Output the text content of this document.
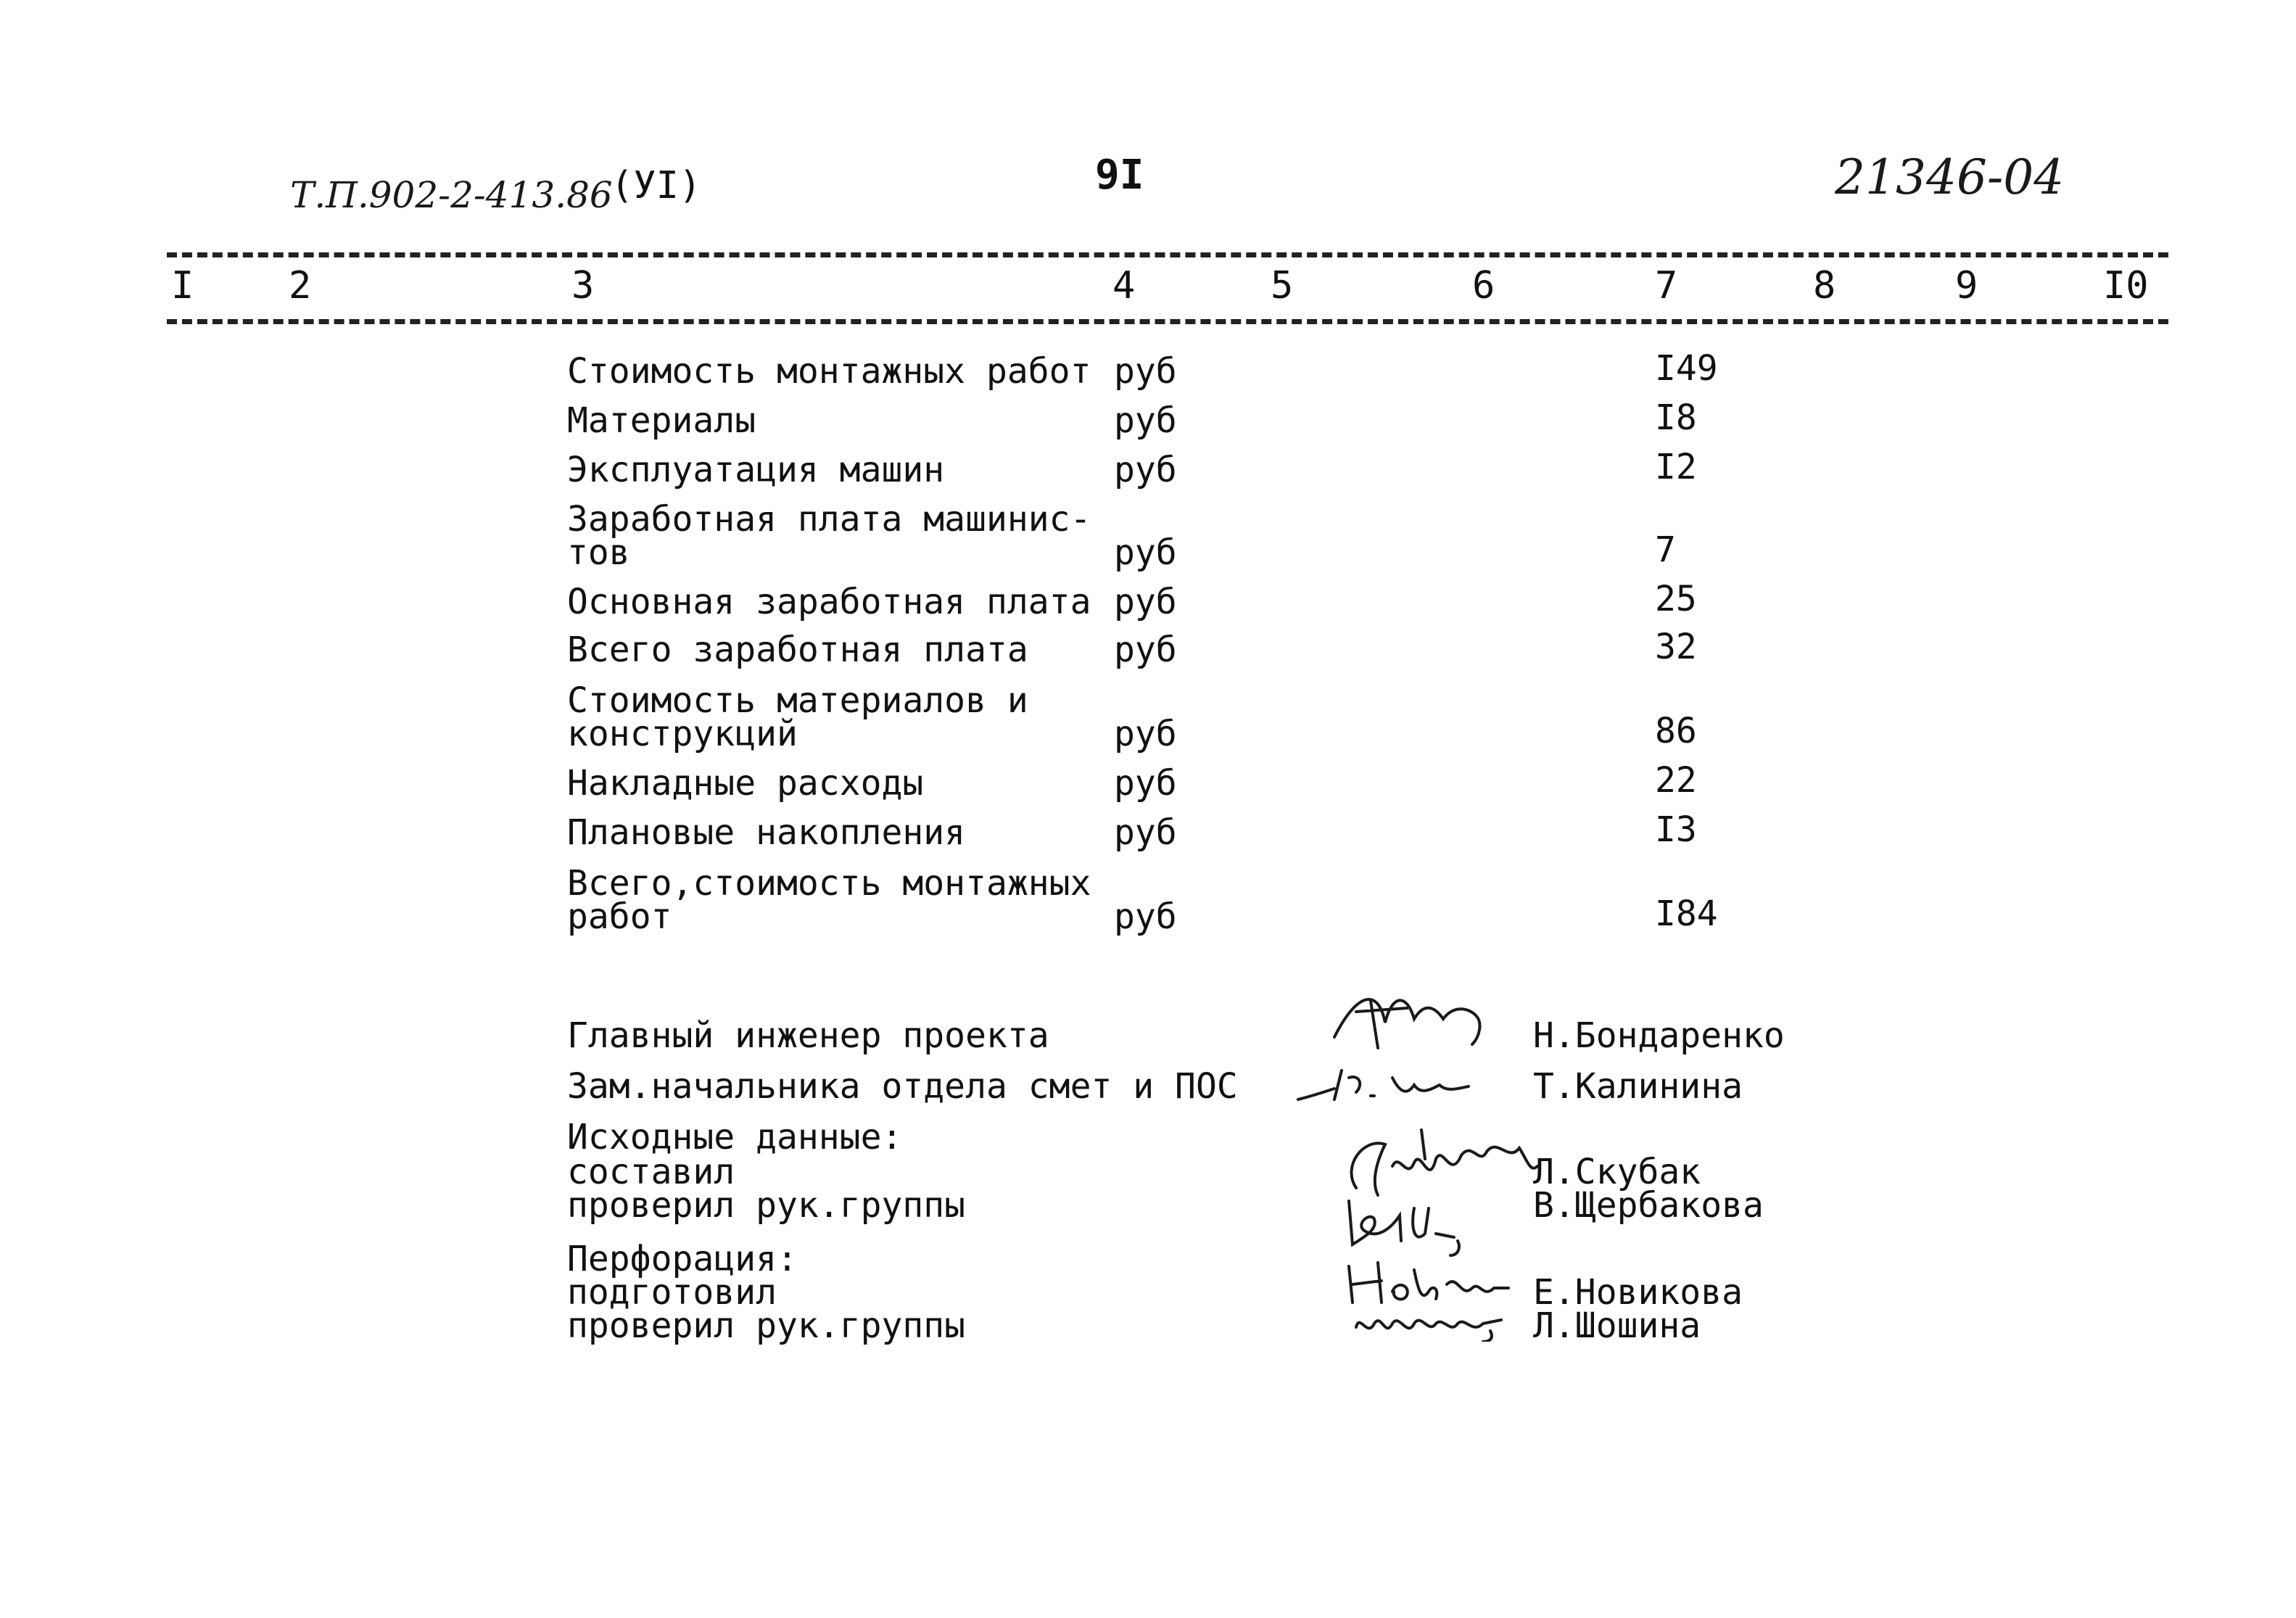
Т.П.902-2-413.86
(УI)	9I	21346-04
I	2	3	4	5	6	7	8	9	I0
Стоимость монтажных работ руб	I49
Материалы	руб	I8
Эксплуатация машин	руб	I2
Заработная плата машинис-
тов	руб	7
Основная заработная плата руб	25
Всего заработная плата руб	32
Стоимость материалов и
конструкций	руб	86
Накладные расходы	руб	22
Плановые накопления	руб	I3
Всего,стоимость монтажных
работ	руб	I84
Главный инженер проекта	Н.Бондаренко
Зам.начальника отдела смет и ПОС	Т.Калинина
Исходные данные:
составил
проверил рук.группы
Л.Скубак
В.Щербакова
Перфорация:
подготовил
проверил рук.группы
Е.Новикова
Л.Шошина
